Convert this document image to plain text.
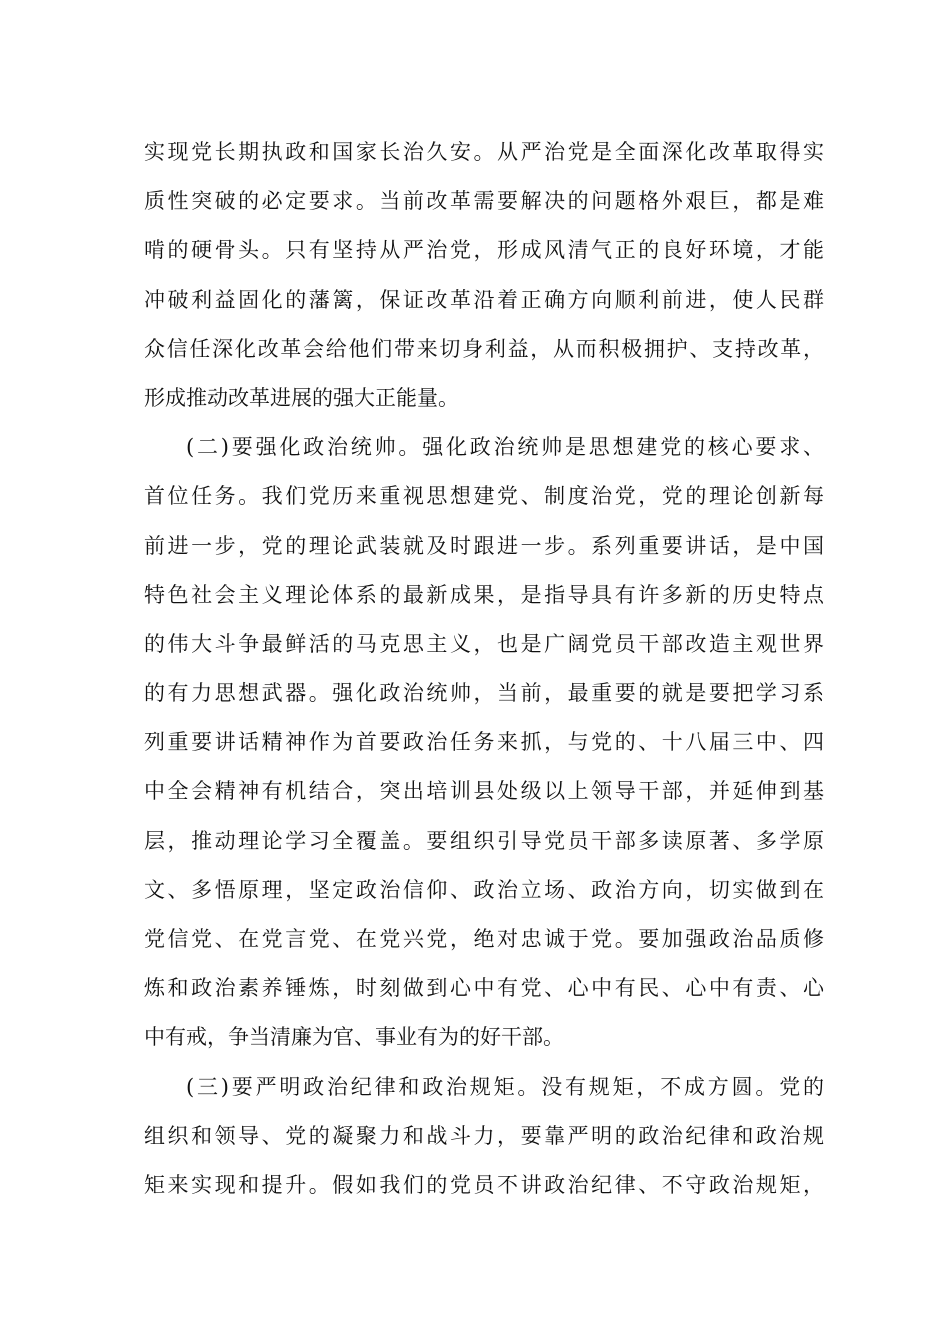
实现党长期执政和国家长治久安。从严治党是全面深化改革取得实
质性突破的必定要求。当前改革需要解决的问题格外艰巨，都是难
啃的硬骨头。只有坚持从严治党，形成风清气正的良好环境，才能
冲破利益固化的藩篱，保证改革沿着正确方向顺利前进，使人民群
众信任深化改革会给他们带来切身利益，从而积极拥护、支持改革，
形成推动改革进展的强大正能量。
(二)要强化政治统帅。强化政治统帅是思想建党的核心要求、
首位任务。我们党历来重视思想建党、制度治党，党的理论创新每
前进一步，党的理论武装就及时跟进一步。系列重要讲话，是中国
特色社会主义理论体系的最新成果，是指导具有许多新的历史特点
的伟大斗争最鲜活的马克思主义，也是广阔党员干部改造主观世界
的有力思想武器。强化政治统帅，当前，最重要的就是要把学习系
列重要讲话精神作为首要政治任务来抓，与党的、十八届三中、四
中全会精神有机结合，突出培训县处级以上领导干部，并延伸到基
层，推动理论学习全覆盖。要组织引导党员干部多读原著、多学原
文、多悟原理，坚定政治信仰、政治立场、政治方向，切实做到在
党信党、在党言党、在党兴党，绝对忠诚于党。要加强政治品质修
炼和政治素养锤炼，时刻做到心中有党、心中有民、心中有责、心
中有戒，争当清廉为官、事业有为的好干部。
(三)要严明政治纪律和政治规矩。没有规矩，不成方圆。党的
组织和领导、党的凝聚力和战斗力，要靠严明的政治纪律和政治规
矩来实现和提升。假如我们的党员不讲政治纪律、不守政治规矩，
